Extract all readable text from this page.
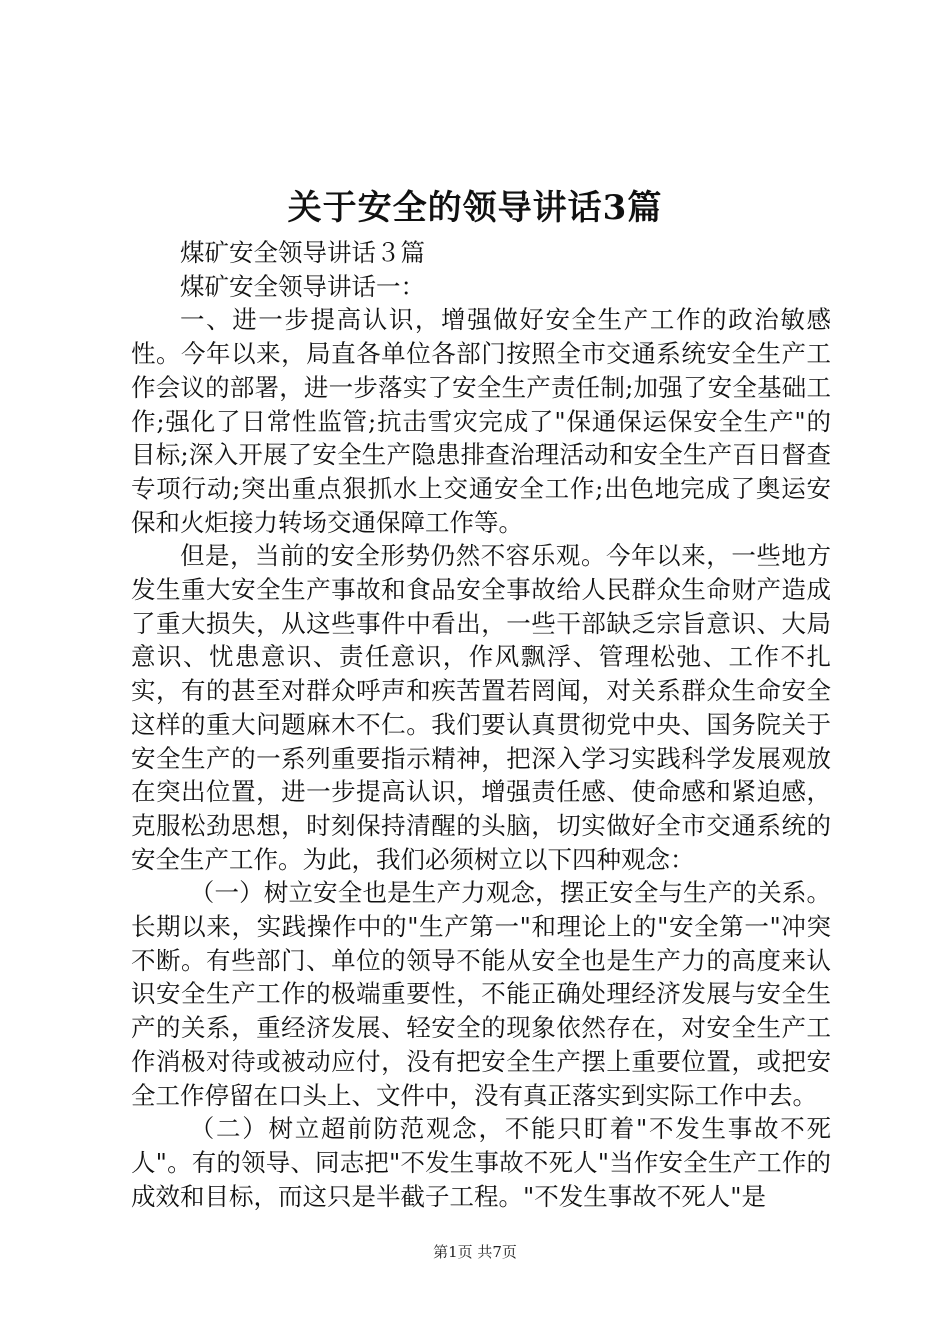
关于安全的领导讲话3篇

煤矿安全领导讲话３篇

煤矿安全领导讲话一：

一、进一步提高认识，增强做好安全生产工作的政治敏感性。今年以来，局直各单位各部门按照全市交通系统安全生产工作会议的部署，进一步落实了安全生产责任制;加强了安全基础工作;强化了日常性监管;抗击雪灾完成了"保通保运保安全生产"的目标;深入开展了安全生产隐患排查治理活动和安全生产百日督查专项行动;突出重点狠抓水上交通安全工作;出色地完成了奥运安保和火炬接力转场交通保障工作等。

但是，当前的安全形势仍然不容乐观。今年以来，一些地方发生重大安全生产事故和食品安全事故给人民群众生命财产造成了重大损失，从这些事件中看出，一些干部缺乏宗旨意识、大局意识、忧患意识、责任意识，作风飘浮、管理松弛、工作不扎实，有的甚至对群众呼声和疾苦置若罔闻，对关系群众生命安全这样的重大问题麻木不仁。我们要认真贯彻党中央、国务院关于安全生产的一系列重要指示精神，把深入学习实践科学发展观放在突出位置，进一步提高认识，增强责任感、使命感和紧迫感，克服松劲思想，时刻保持清醒的头脑，切实做好全市交通系统的安全生产工作。为此，我们必须树立以下四种观念：

（一）树立安全也是生产力观念，摆正安全与生产的关系。长期以来，实践操作中的"生产第一"和理论上的"安全第一"冲突不断。有些部门、单位的领导不能从安全也是生产力的高度来认识安全生产工作的极端重要性，不能正确处理经济发展与安全生产的关系，重经济发展、轻安全的现象依然存在，对安全生产工作消极对待或被动应付，没有把安全生产摆上重要位置，或把安全工作停留在口头上、文件中，没有真正落实到实际工作中去。

（二）树立超前防范观念，不能只盯着"不发生事故不死人"。有的领导、同志把"不发生事故不死人"当作安全生产工作的成效和目标，而这只是半截子工程。"不发生事故不死人"是

第1页 共7页
